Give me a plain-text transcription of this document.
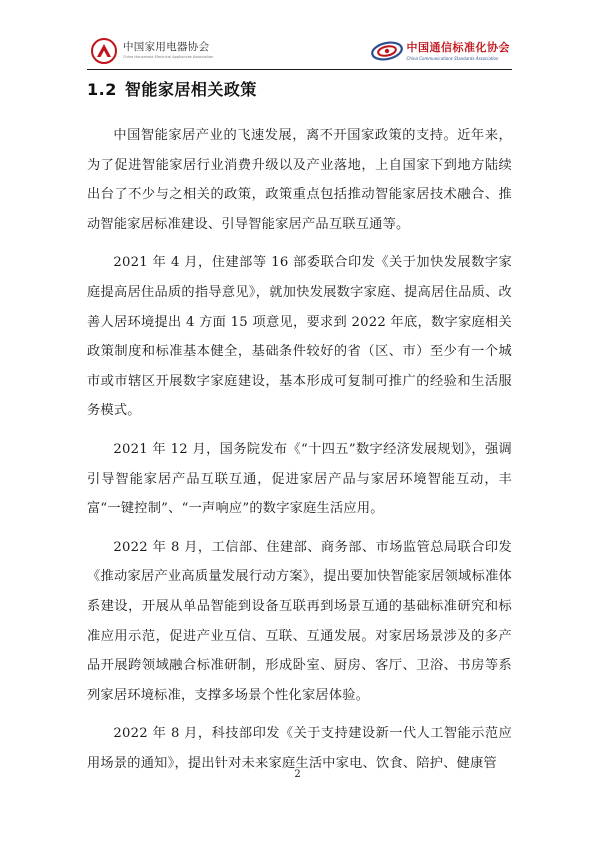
中国家用电器协会
China Household Electrical Appliances Association
中国通信标准化协会
China Communications Standards Association
1.2 智能家居相关政策

中国智能家居产业的飞速发展，离不开国家政策的支持。近年来，为了促进智能家居行业消费升级以及产业落地，上自国家下到地方陆续出台了不少与之相关的政策，政策重点包括推动智能家居技术融合、推动智能家居标准建设、引导智能家居产品互联互通等。

2021 年 4 月，住建部等 16 部委联合印发《关于加快发展数字家庭提高居住品质的指导意见》，就加快发展数字家庭、提高居住品质、改善人居环境提出 4 方面 15 项意见，要求到 2022 年底，数字家庭相关政策制度和标准基本健全，基础条件较好的省（区、市）至少有一个城市或市辖区开展数字家庭建设，基本形成可复制可推广的经验和生活服务模式。

2021 年 12 月，国务院发布《“十四五”数字经济发展规划》，强调引导智能家居产品互联互通，促进家居产品与家居环境智能互动，丰富“一键控制”、“一声响应”的数字家庭生活应用。

2022 年 8 月，工信部、住建部、商务部、市场监管总局联合印发《推动家居产业高质量发展行动方案》，提出要加快智能家居领域标准体系建设，开展从单品智能到设备互联再到场景互通的基础标准研究和标准应用示范，促进产业互信、互联、互通发展。对家居场景涉及的多产品开展跨领域融合标准研制，形成卧室、厨房、客厅、卫浴、书房等系列家居环境标准，支撑多场景个性化家居体验。

2022 年 8 月，科技部印发《关于支持建设新一代人工智能示范应用场景的通知》，提出针对未来家庭生活中家电、饮食、陪护、健康管

2
